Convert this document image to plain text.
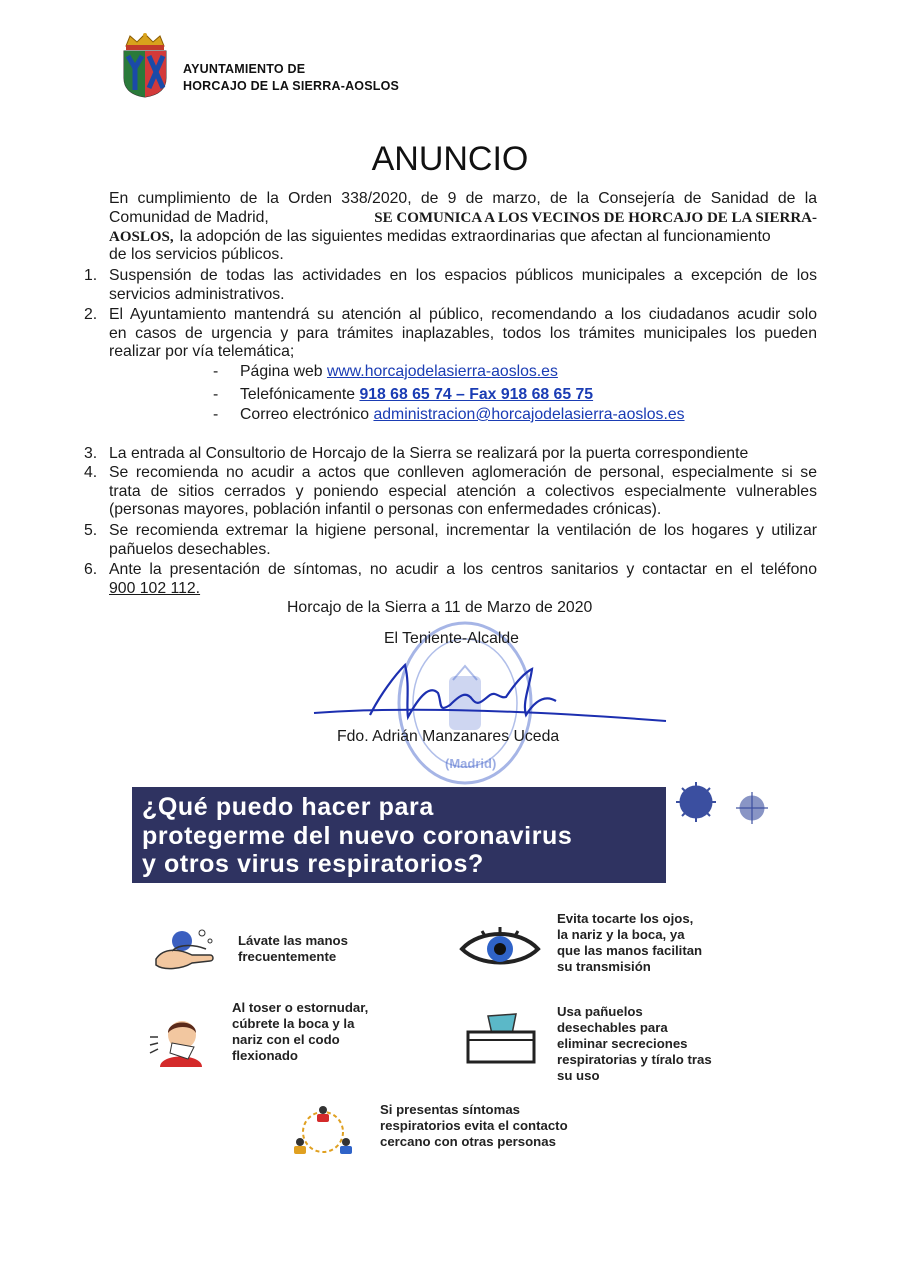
AYUNTAMIENTO DE
HORCAJO DE LA SIERRA-AOSLOS
ANUNCIO
En cumplimiento de la Orden 338/2020, de 9 de marzo, de la Consejería de Sanidad de la
Comunidad de Madrid,	SE COMUNICA A LOS VECINOS DE HORCAJO DE LA SIERRA-
AOSLOS, la adopción de las siguientes medidas extraordinarias que afectan al funcionamiento
de los servicios públicos.
1. Suspensión de todas las actividades en los espacios públicos municipales a excepción de los
servicios administrativos.
2. El Ayuntamiento mantendrá su atención al público, recomendando a los ciudadanos acudir solo
en casos de urgencia y para trámites inaplazables, todos los trámites municipales los pueden
realizar por vía telemática;
- Página web www.horcajodelasierra-aoslos.es
- Telefónicamente 918 68 65 74 – Fax 918 68 65 75
- Correo electrónico administracion@horcajodelasierra-aoslos.es
3. La entrada al Consultorio de Horcajo de la Sierra se realizará por la puerta correspondiente
4. Se recomienda no acudir a actos que conlleven aglomeración de personal, especialmente si se
trata de sitios cerrados y poniendo especial atención a colectivos especialmente vulnerables
(personas mayores, población infantil o personas con enfermedades crónicas).
5. Se recomienda extremar la higiene personal, incrementar la ventilación de los hogares y utilizar
pañuelos desechables.
6. Ante la presentación de síntomas, no acudir a los centros sanitarios y contactar en el teléfono
900 102 112.
(Madrid)
Horcajo de la Sierra a 11 de Marzo de 2020
El Teniente-Alcalde
Fdo. Adrián Manzanares Uceda
¿Qué puedo hacer para
protegerme del nuevo coronavirus
y otros virus respiratorios?
Lávate las manos
frecuentemente
Evita tocarte los ojos,
la nariz y la boca, ya
que las manos facilitan
su transmisión
Al toser o estornudar,
cúbrete la boca y la
nariz con el codo
flexionado
Usa pañuelos
desechables para
eliminar secreciones
respiratorias y tíralo tras
su uso
Si presentas síntomas
respiratorios evita el contacto
cercano con otras personas
